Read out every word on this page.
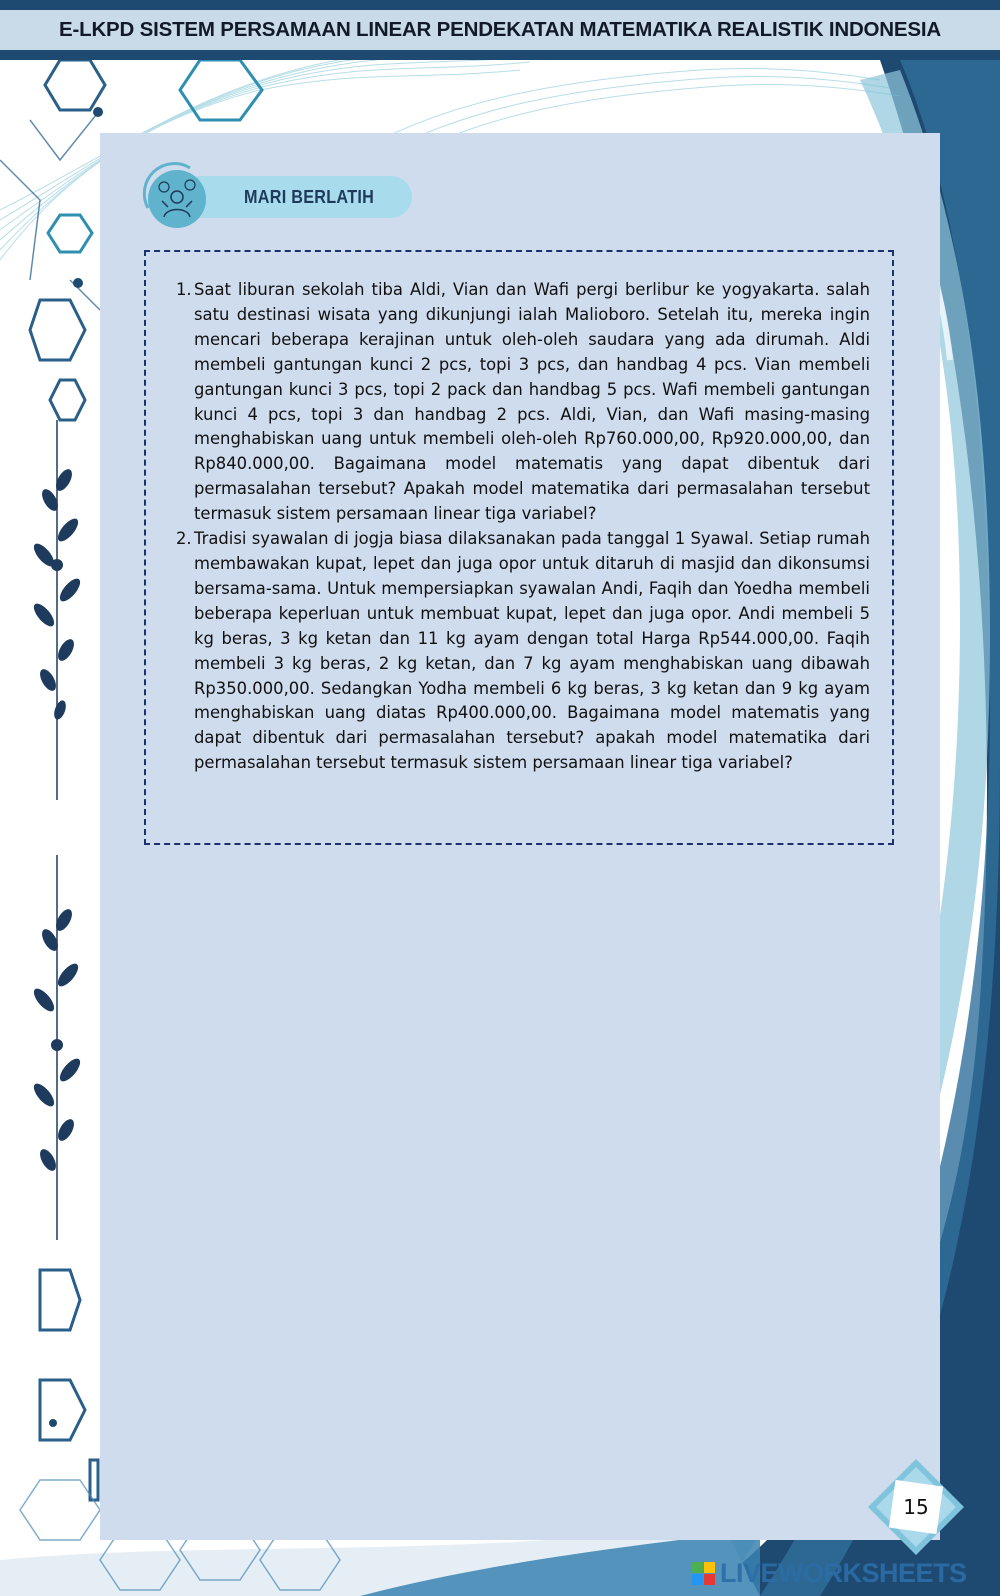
E-LKPD SISTEM PERSAMAAN LINEAR PENDEKATAN MATEMATIKA REALISTIK INDONESIA
MARI BERLATIH
1. Saat liburan sekolah tiba Aldi, Vian dan Wafi pergi berlibur ke yogyakarta. salah satu destinasi wisata yang dikunjungi ialah Malioboro. Setelah itu, mereka ingin mencari beberapa kerajinan untuk oleh-oleh saudara yang ada dirumah. Aldi membeli gantungan kunci 2 pcs, topi 3 pcs, dan handbag 4 pcs. Vian membeli gantungan kunci 3 pcs, topi 2 pack dan handbag 5 pcs. Wafi membeli gantungan kunci 4 pcs, topi 3 dan handbag 2 pcs. Aldi, Vian, dan Wafi masing-masing menghabiskan uang untuk membeli oleh-oleh Rp760.000,00, Rp920.000,00, dan Rp840.000,00. Bagaimana model matematis yang dapat dibentuk dari permasalahan tersebut? Apakah model matematika dari permasalahan tersebut termasuk sistem persamaan linear tiga variabel?
2. Tradisi syawalan di jogja biasa dilaksanakan pada tanggal 1 Syawal. Setiap rumah membawakan kupat, lepet dan juga opor untuk ditaruh di masjid dan dikonsumsi bersama-sama. Untuk mempersiapkan syawalan Andi, Faqih dan Yoedha membeli beberapa keperluan untuk membuat kupat, lepet dan juga opor. Andi membeli 5 kg beras, 3 kg ketan dan 11 kg ayam dengan total Harga Rp544.000,00. Faqih membeli 3 kg beras, 2 kg ketan, dan 7 kg ayam menghabiskan uang dibawah Rp350.000,00. Sedangkan Yodha membeli 6 kg beras, 3 kg ketan dan 9 kg ayam menghabiskan uang diatas Rp400.000,00. Bagaimana model matematis yang dapat dibentuk dari permasalahan tersebut? apakah model matematika dari permasalahan tersebut termasuk sistem persamaan linear tiga variabel?
15
LIVEWORKSHEETS
